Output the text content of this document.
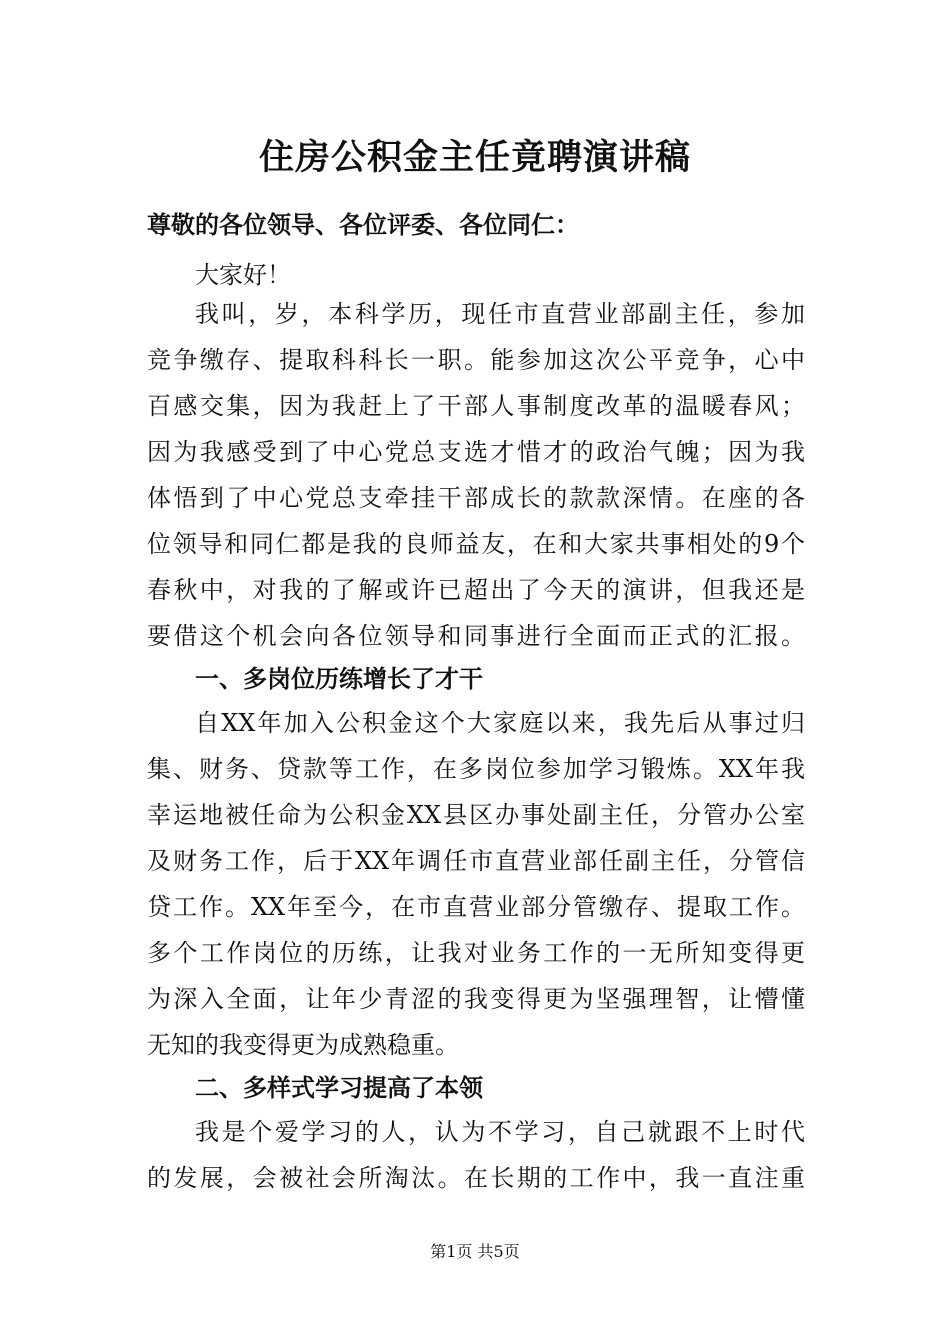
住房公积金主任竟聘演讲稿
尊敬的各位领导、各位评委、各位同仁：
大家好！
我叫，岁，本科学历，现任市直营业部副主任，参加
竞争缴存、提取科科长一职。能参加这次公平竞争，心中
百感交集，因为我赶上了干部人事制度改革的温暖春风；
因为我感受到了中心党总支选才惜才的政治气魄；因为我
体悟到了中心党总支牵挂干部成长的款款深情。在座的各
位领导和同仁都是我的良师益友，在和大家共事相处的9个
春秋中，对我的了解或许已超出了今天的演讲，但我还是
要借这个机会向各位领导和同事进行全面而正式的汇报。
一、多岗位历练增长了才干
自XX年加入公积金这个大家庭以来，我先后从事过归
集、财务、贷款等工作，在多岗位参加学习锻炼。XX年我
幸运地被任命为公积金XX县区办事处副主任，分管办公室
及财务工作，后于XX年调任市直营业部任副主任，分管信
贷工作。XX年至今，在市直营业部分管缴存、提取工作。
多个工作岗位的历练，让我对业务工作的一无所知变得更
为深入全面，让年少青涩的我变得更为坚强理智，让懵懂
无知的我变得更为成熟稳重。
二、多样式学习提高了本领
我是个爱学习的人，认为不学习，自己就跟不上时代
的发展，会被社会所淘汰。在长期的工作中，我一直注重
第1页 共5页
